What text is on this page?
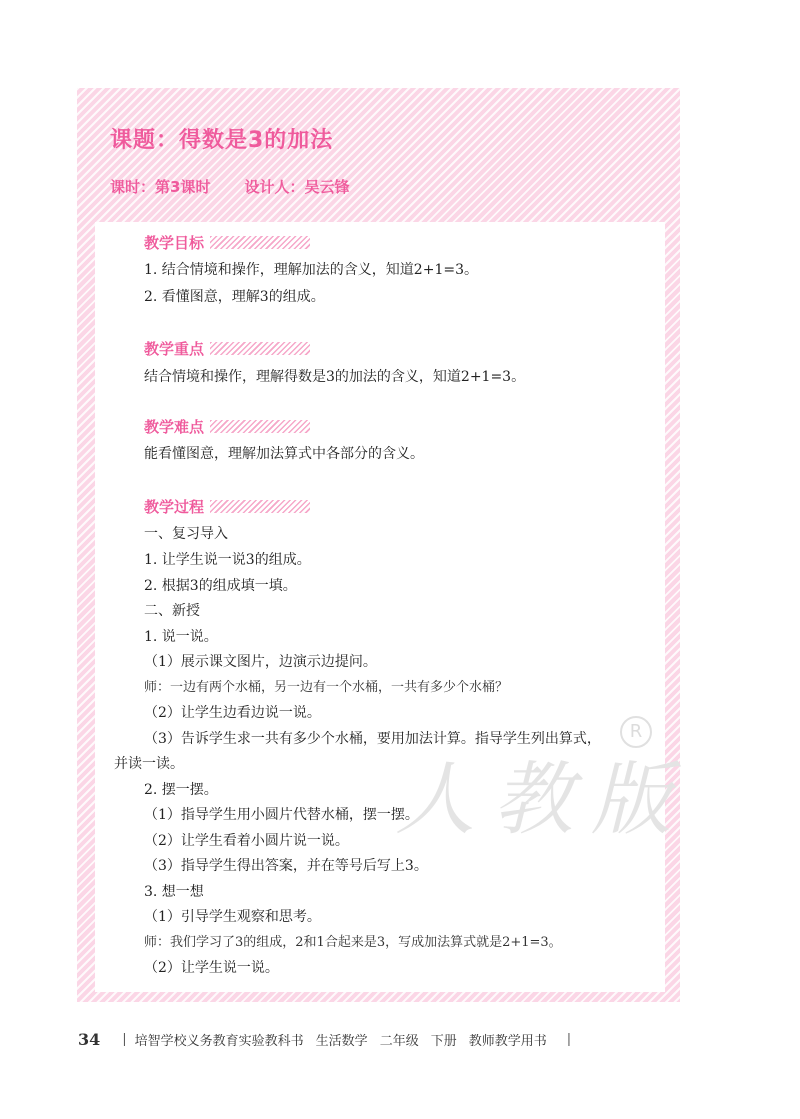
人教版
R
课题：得数是3的加法
课时：第3课时 设计人：吴云锋
教学目标
1. 结合情境和操作，理解加法的含义，知道2+1=3。
2. 看懂图意，理解3的组成。
教学重点
结合情境和操作，理解得数是3的加法的含义，知道2+1=3。
教学难点
能看懂图意，理解加法算式中各部分的含义。
教学过程
一、复习导入
1. 让学生说一说3的组成。
2. 根据3的组成填一填。
二、新授
1. 说一说。
（1）展示课文图片，边演示边提问。
师：一边有两个水桶，另一边有一个水桶，一共有多少个水桶？
（2）让学生边看边说一说。
（3）告诉学生求一共有多少个水桶，要用加法计算。指导学生列出算式，
并读一读。
2. 摆一摆。
（1）指导学生用小圆片代替水桶，摆一摆。
（2）让学生看着小圆片说一说。
（3）指导学生得出答案，并在等号后写上3。
3. 想一想
（1）引导学生观察和思考。
师：我们学习了3的组成，2和1合起来是3，写成加法算式就是2+1=3。
（2）让学生说一说。
34 | 培智学校义务教育实验教科书 生活数学 二年级 下册 教师教学用书 |
